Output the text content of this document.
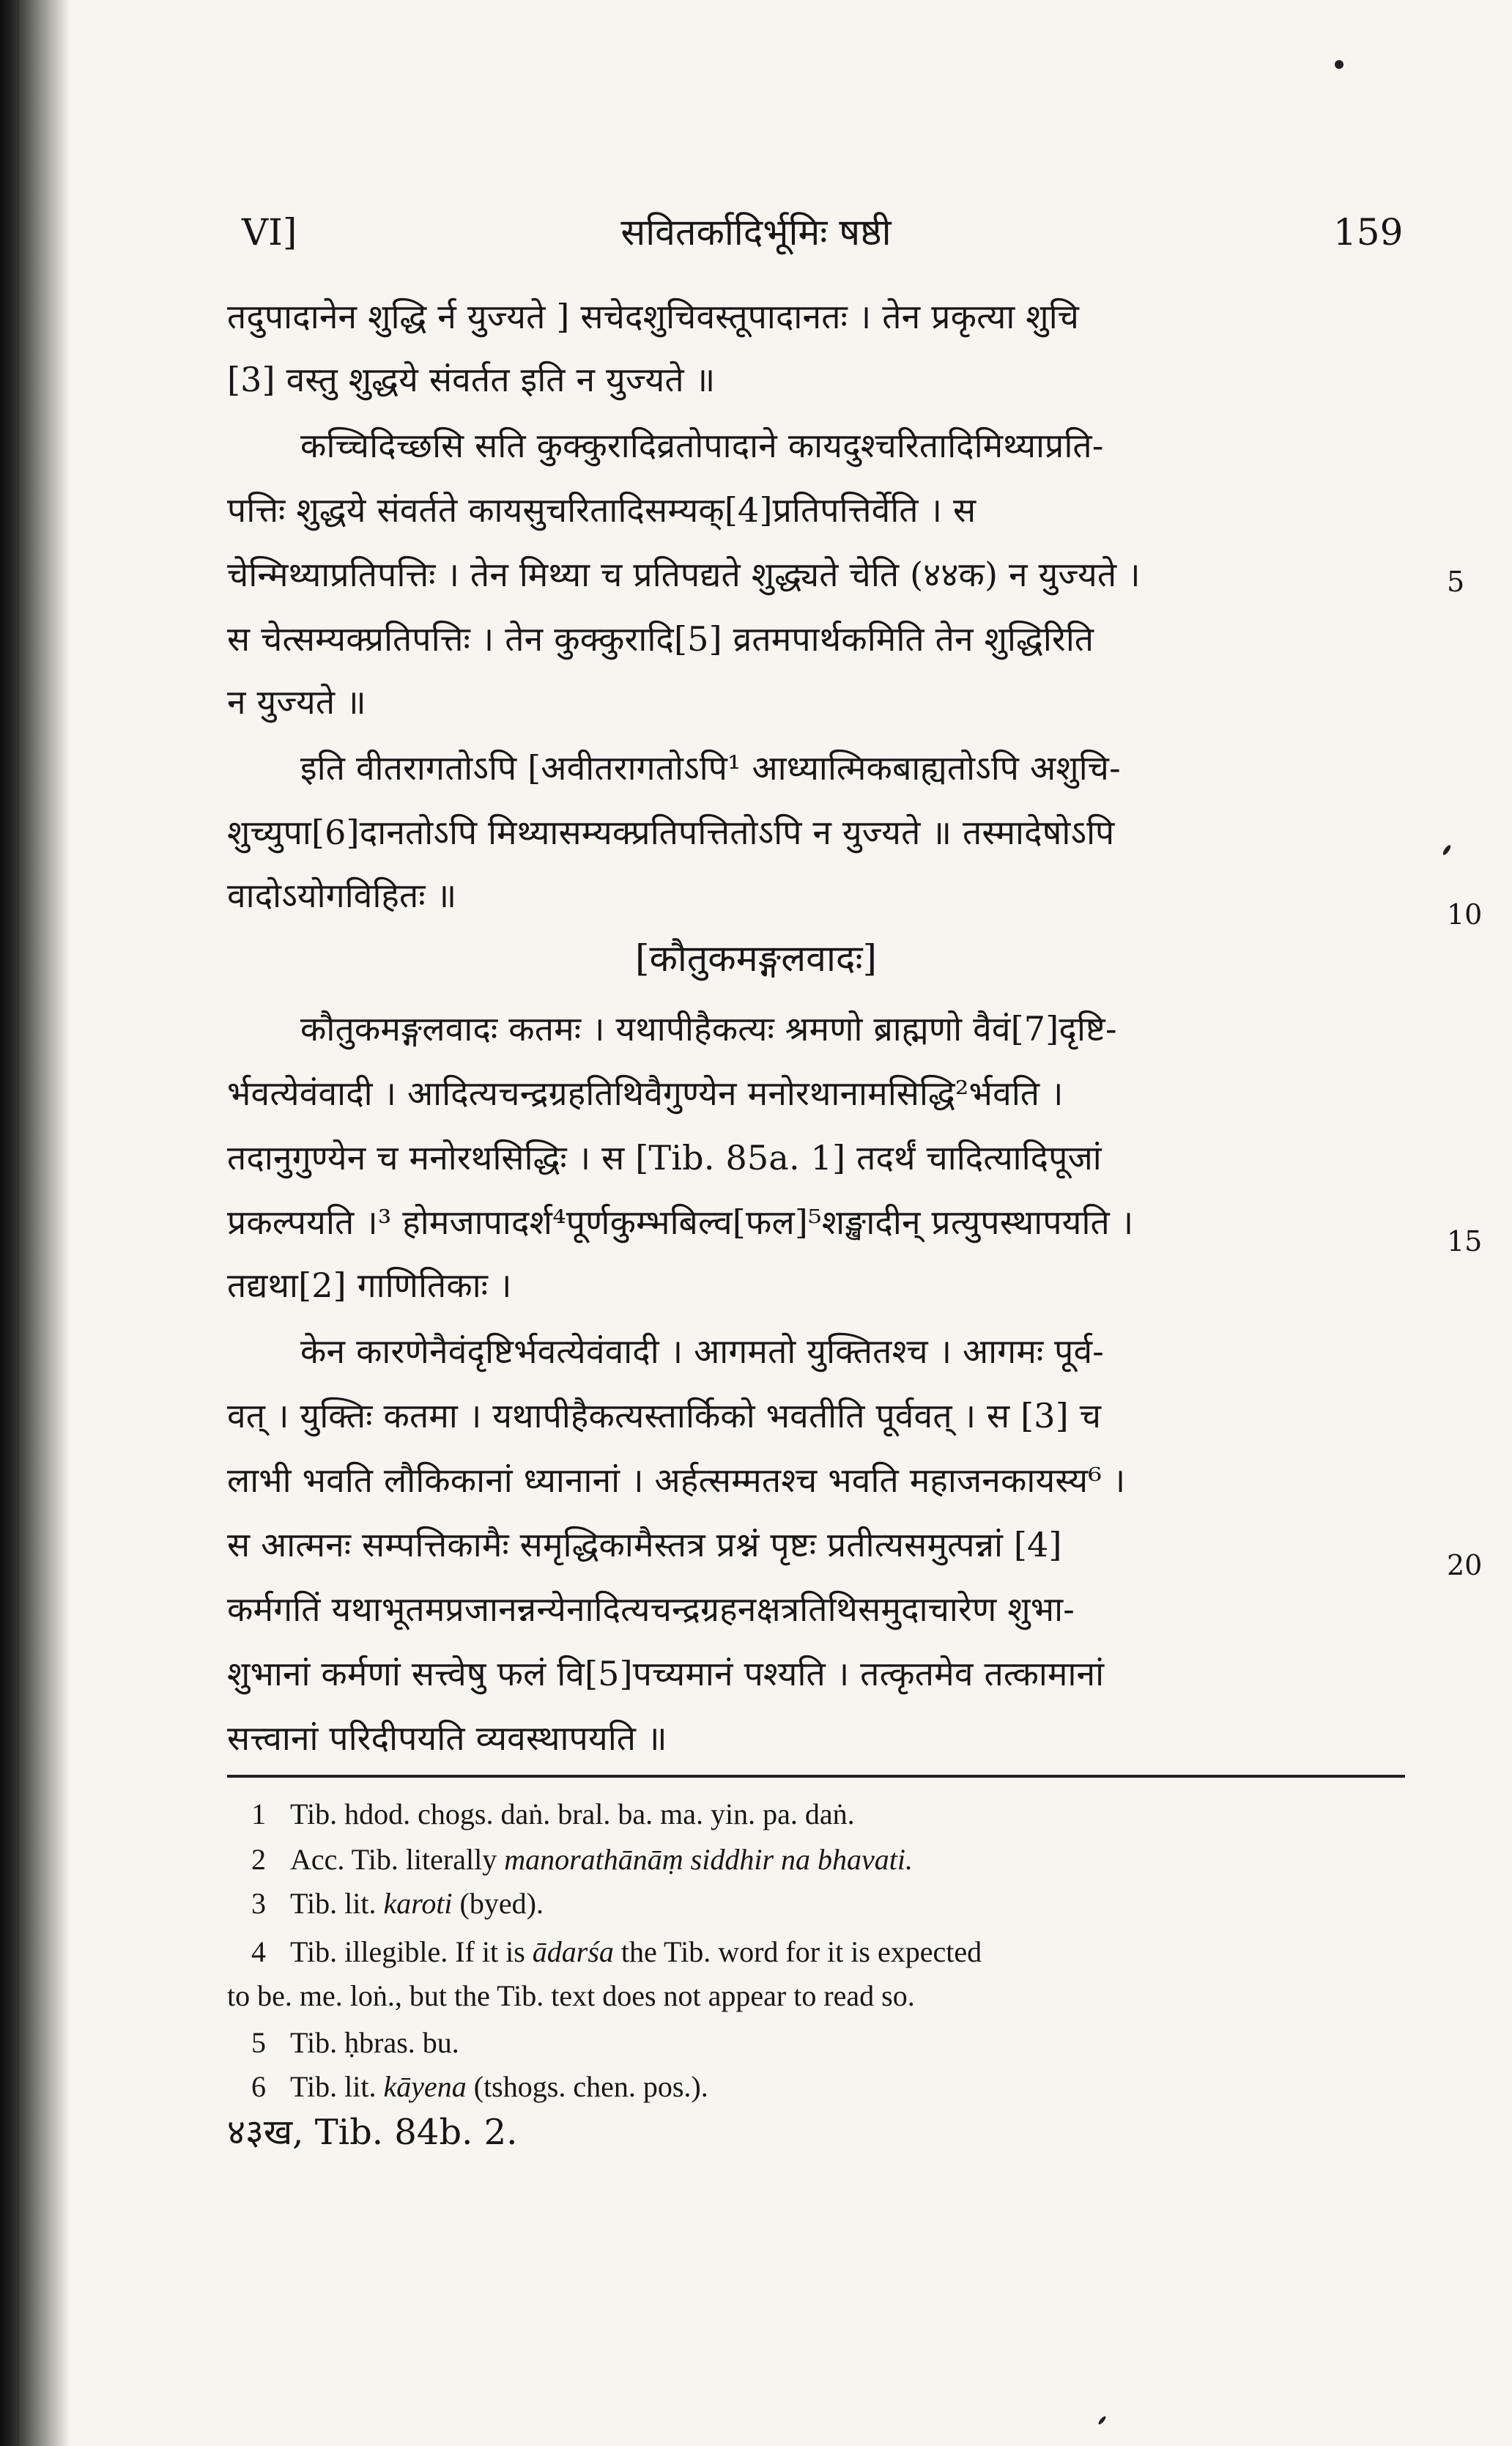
VI]	सवितर्कादिर्भूमिः षष्ठी	159
तदुपादानेन शुद्धि र्न युज्यते ] सचेदशुचिवस्तूपादानतः । तेन प्रकृत्या शुचि
[3] वस्तु शुद्धये संवर्तत इति न युज्यते ॥
कच्चिदिच्छसि सति कुक्कुरादिव्रतोपादाने कायदुश्चरितादिमिथ्याप्रति-
पत्तिः शुद्धये संवर्तते कायसुचरितादिसम्यक्[4]प्रतिपत्तिर्वेति । स
चेन्मिथ्याप्रतिपत्तिः । तेन मिथ्या च प्रतिपद्यते शुद्ध्यते चेति (४४क) न युज्यते ।
स चेत्सम्यक्प्रतिपत्तिः । तेन कुक्कुरादि[5] व्रतमपार्थकमिति तेन शुद्धिरिति
न युज्यते ॥
इति वीतरागतोऽपि [अवीतरागतोऽपि¹ आध्यात्मिकबाह्यतोऽपि अशुचि-
शुच्युपा[6]दानतोऽपि मिथ्यासम्यक्प्रतिपत्तितोऽपि न युज्यते ॥ तस्मादेषोऽपि
वादोऽयोगविहितः ॥
[कौतुकमङ्गलवादः]
कौतुकमङ्गलवादः कतमः । यथापीहैकत्यः श्रमणो ब्राह्मणो वैवं[7]दृष्टि-
र्भवत्येवंवादी । आदित्यचन्द्रग्रहतिथिवैगुण्येन मनोरथानामसिद्धि²र्भवति ।
तदानुगुण्येन च मनोरथसिद्धिः । स [Tib. 85a. 1] तदर्थं चादित्यादिपूजां
प्रकल्पयति ।³ होमजापादर्श⁴पूर्णकुम्भबिल्व[फल]⁵शङ्खादीन् प्रत्युपस्थापयति ।
तद्यथा[2] गाणितिकाः ।
केन कारणेनैवंदृष्टिर्भवत्येवंवादी । आगमतो युक्तितश्च । आगमः पूर्व-
वत् । युक्तिः कतमा । यथापीहैकत्यस्तार्किको भवतीति पूर्ववत् । स [3] च
लाभी भवति लौकिकानां ध्यानानां । अर्हत्सम्मतश्च भवति महाजनकायस्य⁶ ।
स आत्मनः सम्पत्तिकामैः समृद्धिकामैस्तत्र प्रश्नं पृष्टः प्रतीत्यसमुत्पन्नां [4]
कर्मगतिं यथाभूतमप्रजानन्नन्येनादित्यचन्द्रग्रहनक्षत्रतिथिसमुदाचारेण शुभा-
शुभानां कर्मणां सत्त्वेषु फलं वि[5]पच्यमानं पश्यति । तत्कृतमेव तत्कामानां
सत्त्वानां परिदीपयति व्यवस्थापयति ॥
5
10
15
20
1 Tib. hdod. chogs. daṅ. bral. ba. ma. yin. pa. daṅ.
2 Acc. Tib. literally manorathānāṃ siddhir na bhavati.
3 Tib. lit. karoti (byed).
4 Tib. illegible. If it is ādarśa the Tib. word for it is expected
to be. me. loṅ., but the Tib. text does not appear to read so.
5 Tib. ḥbras. bu.
6 Tib. lit. kāyena (tshogs. chen. pos.).
४३ख, Tib. 84b. 2.
